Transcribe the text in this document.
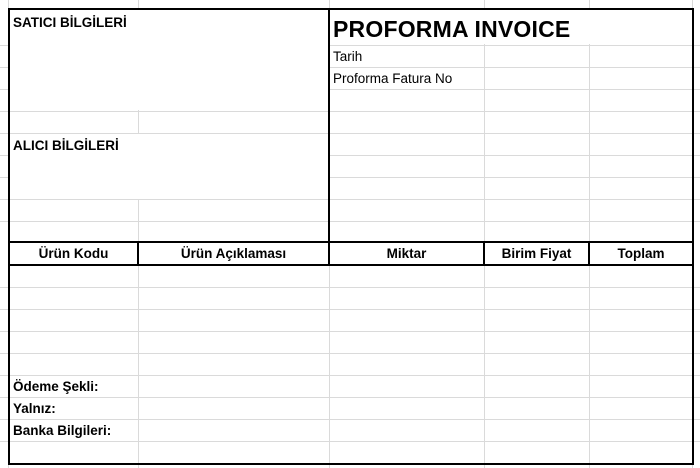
SATICI BİLGİLERİ
ALICI BİLGİLERİ
PROFORMA INVOICE
Tarih
Proforma Fatura No
Ürün Kodu	Ürün Açıklaması	Miktar	Birim Fiyat	Toplam
Ödeme Şekli:
Yalnız:
Banka Bilgileri:
